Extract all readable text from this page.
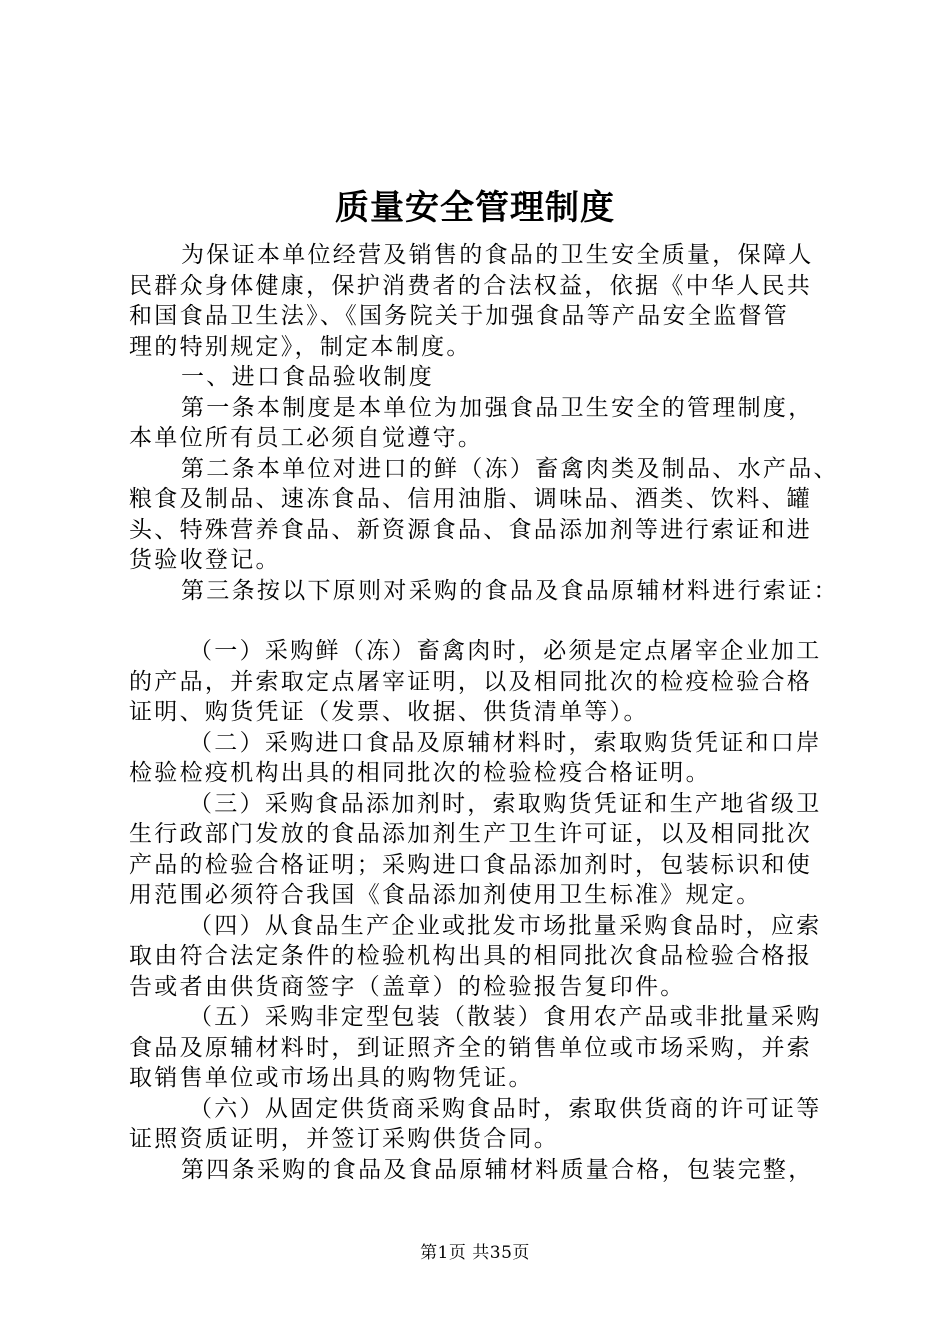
质量安全管理制度

为保证本单位经营及销售的食品的卫生安全质量，保障人
民群众身体健康，保护消费者的合法权益，依据《中华人民共
和国食品卫生法》、《国务院关于加强食品等产品安全监督管
理的特别规定》，制定本制度。

一、进口食品验收制度

第一条本制度是本单位为加强食品卫生安全的管理制度，
本单位所有员工必须自觉遵守。

第二条本单位对进口的鲜（冻）畜禽肉类及制品、水产品、
粮食及制品、速冻食品、信用油脂、调味品、酒类、饮料、罐
头、特殊营养食品、新资源食品、食品添加剂等进行索证和进
货验收登记。

第三条按以下原则对采购的食品及食品原辅材料进行索证：

（一）采购鲜（冻）畜禽肉时，必须是定点屠宰企业加工
的产品，并索取定点屠宰证明，以及相同批次的检疫检验合格
证明、购货凭证（发票、收据、供货清单等）。

（二）采购进口食品及原辅材料时，索取购货凭证和口岸
检验检疫机构出具的相同批次的检验检疫合格证明。

（三）采购食品添加剂时，索取购货凭证和生产地省级卫
生行政部门发放的食品添加剂生产卫生许可证，以及相同批次
产品的检验合格证明；采购进口食品添加剂时，包装标识和使
用范围必须符合我国《食品添加剂使用卫生标准》规定。

（四）从食品生产企业或批发市场批量采购食品时，应索
取由符合法定条件的检验机构出具的相同批次食品检验合格报
告或者由供货商签字（盖章）的检验报告复印件。

（五）采购非定型包装（散装）食用农产品或非批量采购
食品及原辅材料时，到证照齐全的销售单位或市场采购，并索
取销售单位或市场出具的购物凭证。

（六）从固定供货商采购食品时，索取供货商的许可证等
证照资质证明，并签订采购供货合同。

第四条采购的食品及食品原辅材料质量合格，包装完整，

第1页 共35页
